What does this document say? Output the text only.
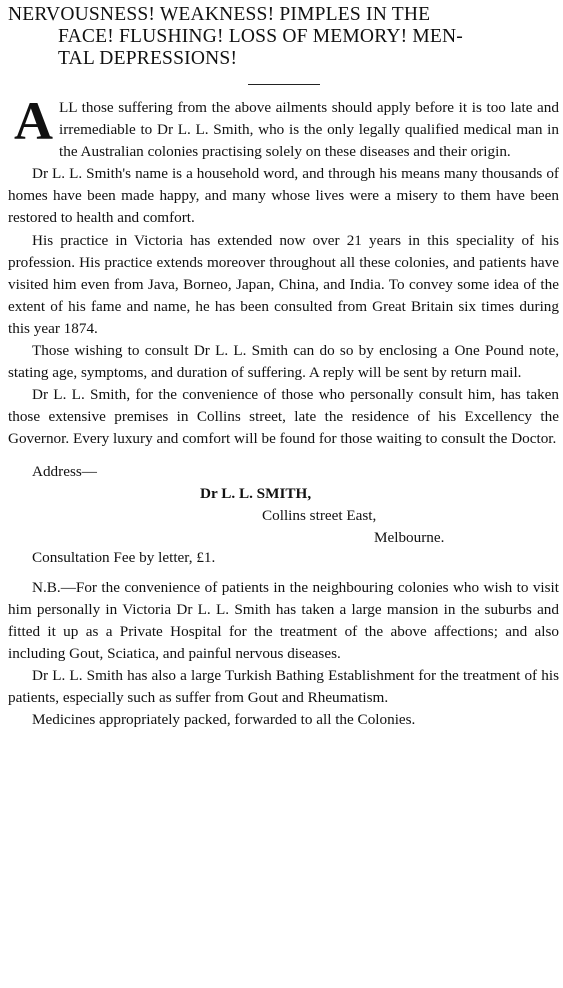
NERVOUSNESS! WEAKNESS! PIMPLES IN THE
FACE! FLUSHING! LOSS OF MEMORY! MEN-
TAL DEPRESSIONS!

ALL those suffering from the above ailments should apply before it is too late and irremediable to Dr L. L. Smith, who is the only legally qualified medical man in the Australian colonies practising solely on these diseases and their origin.

Dr L. L. Smith's name is a household word, and through his means many thousands of homes have been made happy, and many whose lives were a misery to them have been restored to health and comfort.

His practice in Victoria has extended now over 21 years in this speciality of his profession. His practice extends moreover throughout all these colonies, and patients have visited him even from Java, Borneo, Japan, China, and India. To convey some idea of the extent of his fame and name, he has been consulted from Great Britain six times during this year 1874.

Those wishing to consult Dr L. L. Smith can do so by enclosing a One Pound note, stating age, symptoms, and duration of suffering. A reply will be sent by return mail.

Dr L. L. Smith, for the convenience of those who personally consult him, has taken those extensive premises in Collins street, late the residence of his Excellency the Governor. Every luxury and comfort will be found for those waiting to consult the Doctor.

Address—
Dr L. L. SMITH,
Collins street East,
Melbourne.

Consultation Fee by letter, £1.

N.B.—For the convenience of patients in the neighbouring colonies who wish to visit him personally in Victoria Dr L. L. Smith has taken a large mansion in the suburbs and fitted it up as a Private Hospital for the treatment of the above affections; and also including Gout, Sciatica, and painful nervous diseases.

Dr L. L. Smith has also a large Turkish Bathing Establishment for the treatment of his patients, especially such as suffer from Gout and Rheumatism.

Medicines appropriately packed, forwarded to all the Colonies.
